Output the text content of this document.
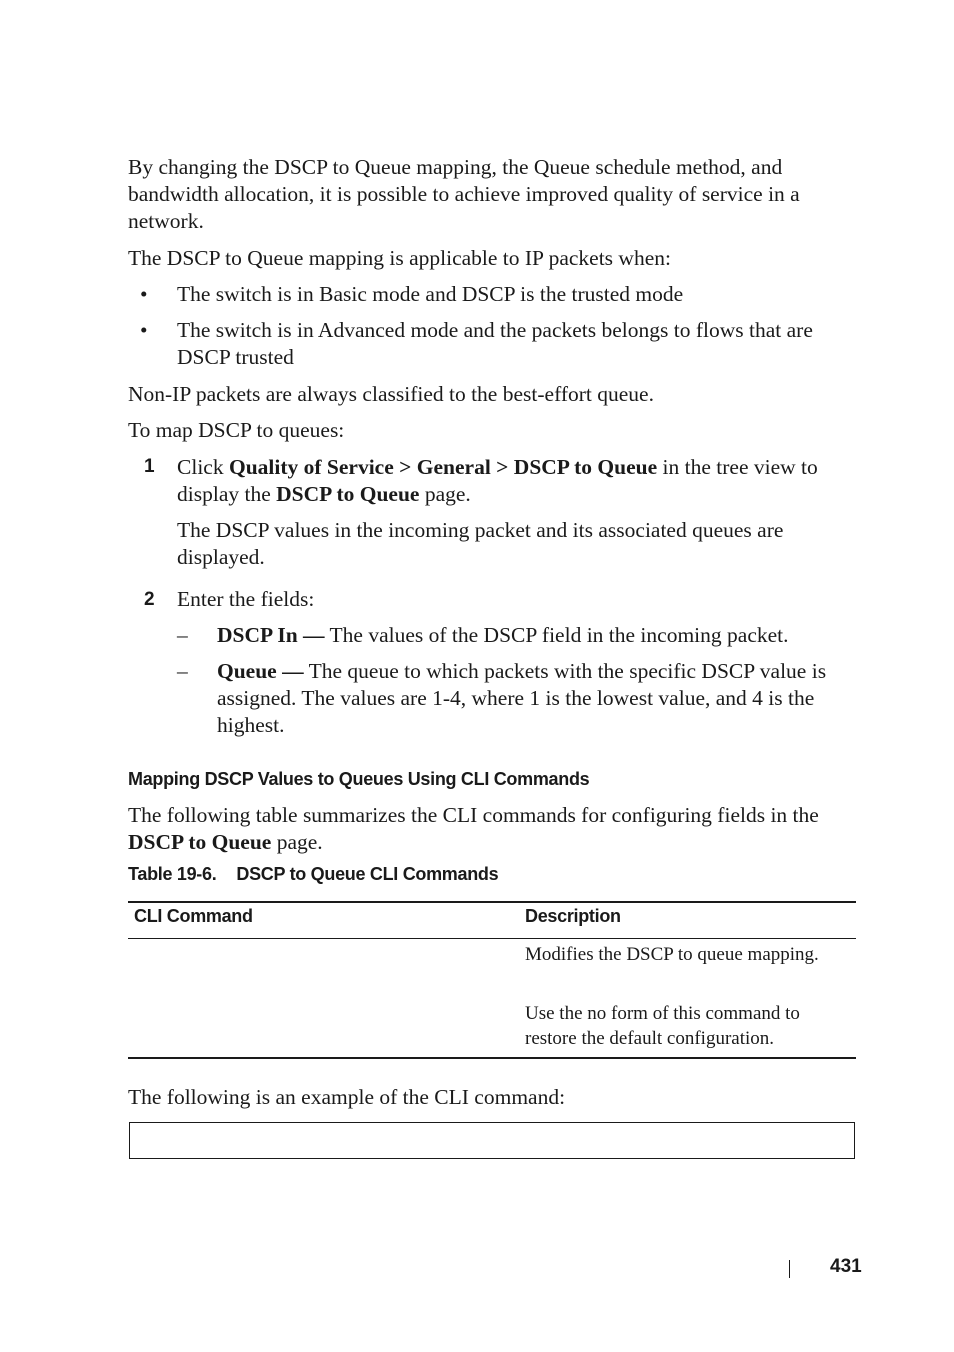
By changing the DSCP to Queue mapping, the Queue schedule method, and bandwidth allocation, it is possible to achieve improved quality of service in a network.
The DSCP to Queue mapping is applicable to IP packets when:
• The switch is in Basic mode and DSCP is the trusted mode
• The switch is in Advanced mode and the packets belongs to flows that are DSCP trusted
Non-IP packets are always classified to the best-effort queue.
To map DSCP to queues:
1 Click Quality of Service > General > DSCP to Queue in the tree view to display the DSCP to Queue page.
The DSCP values in the incoming packet and its associated queues are displayed.
2 Enter the fields:
– DSCP In — The values of the DSCP field in the incoming packet.
– Queue — The queue to which packets with the specific DSCP value is assigned. The values are 1-4, where 1 is the lowest value, and 4 is the highest.
Mapping DSCP Values to Queues Using CLI Commands
The following table summarizes the CLI commands for configuring fields in the DSCP to Queue page.
Table 19-6. DSCP to Queue CLI Commands
CLI Command	Description
Modifies the DSCP to queue mapping.
Use the no form of this command to restore the default configuration.
The following is an example of the CLI command:
431
